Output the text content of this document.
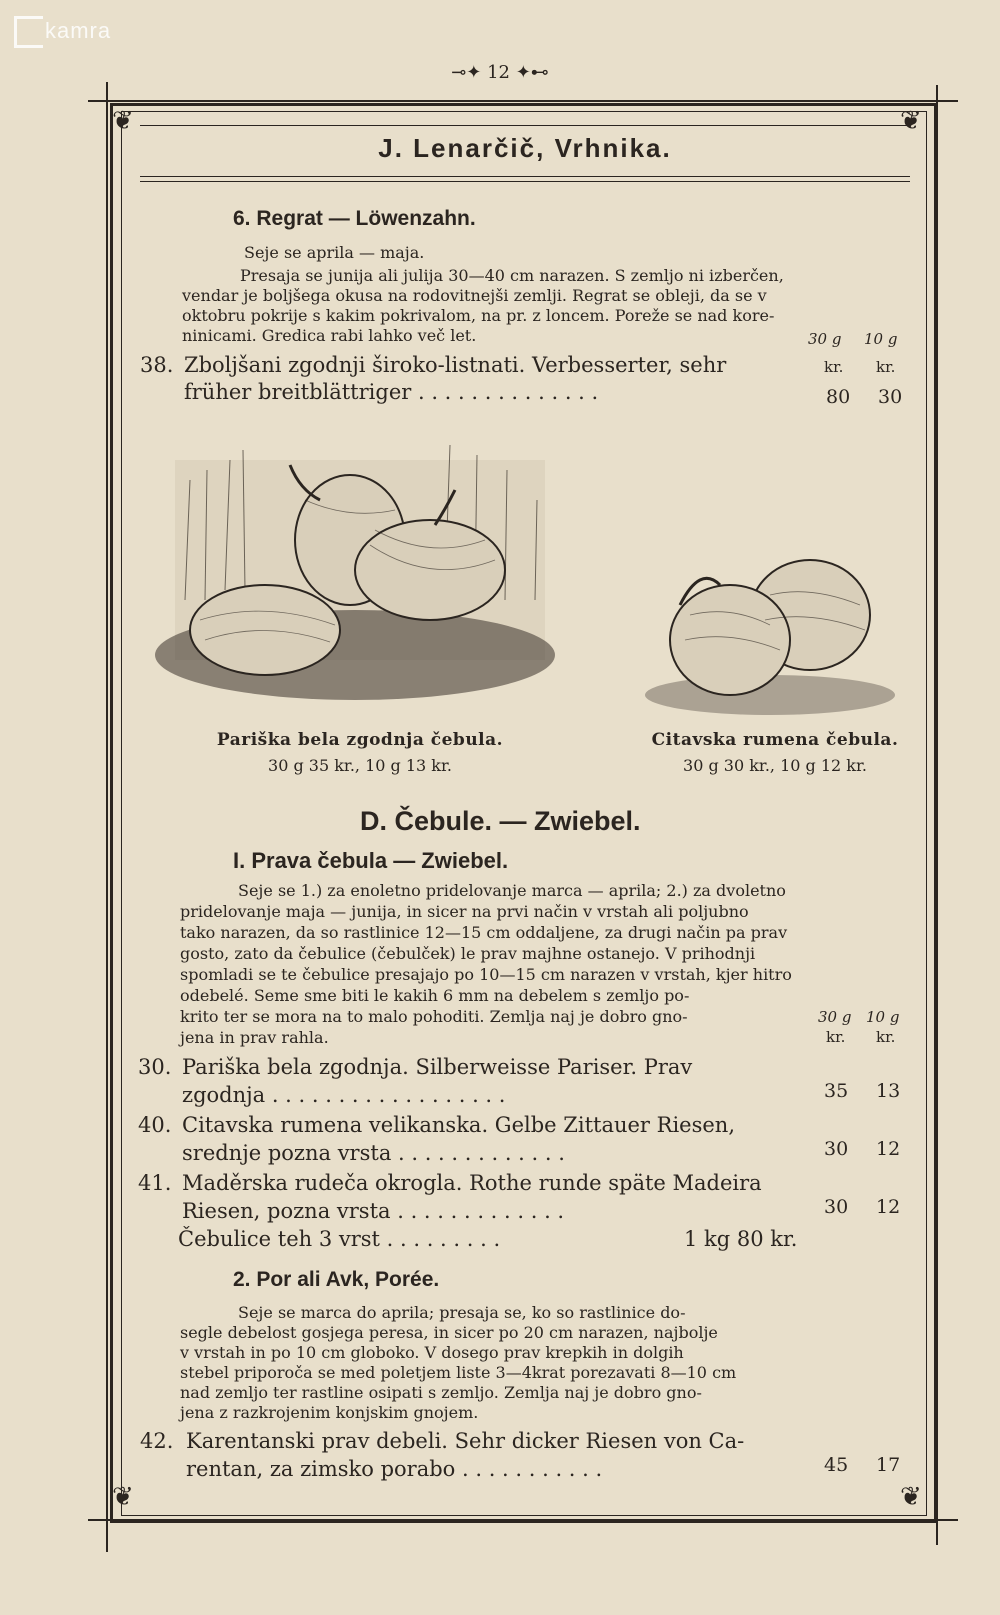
kamra
⊸✦ 12 ✦⊷
❦	❦
❦	❦
J. Lenarčič, Vrhnika.
6. Regrat — Löwenzahn.
Seje se aprila — maja.
Presaja se junija ali julija 30—40 cm narazen. S zemljo ni izberčen,
vendar je boljšega okusa na rodovitnejši zemlji. Regrat se obleji, da se v
oktobru pokrije s kakim pokrivalom, na pr. z loncem. Poreže se nad kore-
ninicami. Gredica rabi lahko več let.	30 g 10 g
38. Zboljšani zgodnji široko-listnati. Verbesserter, sehr
früher breitblättriger . . . . . . . . . . . . . .
kr. kr.
80 30
Pariška bela zgodnja čebula.
30 g 35 kr., 10 g 13 kr.
Citavska rumena čebula.
30 g 30 kr., 10 g 12 kr.
D. Čebule. — Zwiebel.
I. Prava čebula — Zwiebel.
Seje se 1.) za enoletno pridelovanje marca — aprila; 2.) za dvoletno
pridelovanje maja — junija, in sicer na prvi način v vrstah ali poljubno
tako narazen, da so rastlinice 12—15 cm oddaljene, za drugi način pa prav
gosto, zato da čebulice (čebulček) le prav majhne ostanejo. V prihodnji
spomladi se te čebulice presajajo po 10—15 cm narazen v vrstah, kjer hitro
odebelé. Seme sme biti le kakih 6 mm na debelem s zemljo po-
krito ter se mora na to malo pohoditi. Zemlja naj je dobro gno-
jena in prav rahla.
30 g 10 g
kr. kr.
30. Pariška bela zgodnja. Silberweisse Pariser. Prav
zgodnja . . . . . . . . . . . . . . . . . .	35 13
40. Citavska rumena velikanska. Gelbe Zittauer Riesen,
srednje pozna vrsta . . . . . . . . . . . . .	30 12
41. Maděrska rudeča okrogla. Rothe runde späte Madeira
Riesen, pozna vrsta . . . . . . . . . . . . .	30 12
Čebulice teh 3 vrst . . . . . . . . .	1 kg 80 kr.
2. Por ali Avk, Porée.
Seje se marca do aprila; presaja se, ko so rastlinice do-
segle debelost gosjega peresa, in sicer po 20 cm narazen, najbolje
v vrstah in po 10 cm globoko. V dosego prav krepkih in dolgih
stebel priporoča se med poletjem liste 3—4krat porezavati 8—10 cm
nad zemljo ter rastline osipati s zemljo. Zemlja naj je dobro gno-
jena z razkrojenim konjskim gnojem.
42. Karentanski prav debeli. Sehr dicker Riesen von Ca-
rentan, za zimsko porabo . . . . . . . . . . .	45 17
